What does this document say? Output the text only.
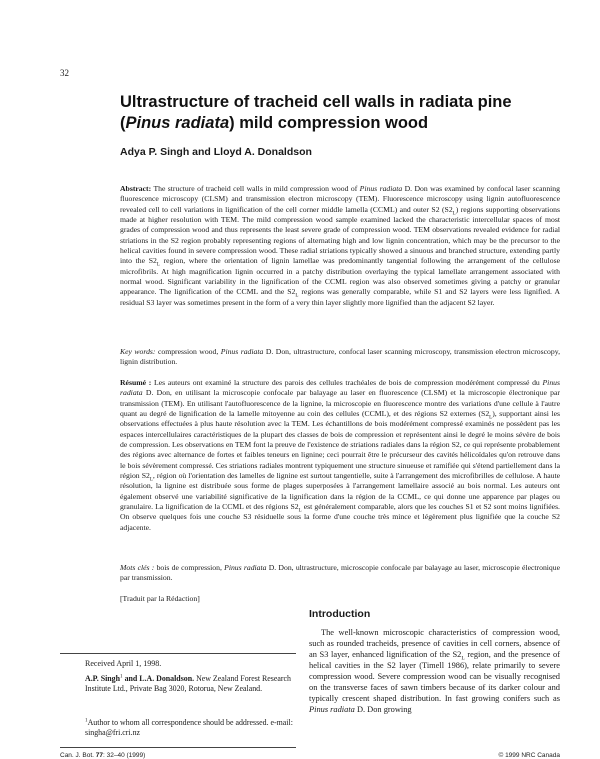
32
Ultrastructure of tracheid cell walls in radiata pine (Pinus radiata) mild compression wood
Adya P. Singh and Lloyd A. Donaldson
Abstract: The structure of tracheid cell walls in mild compression wood of Pinus radiata D. Don was examined by confocal laser scanning fluorescence microscopy (CLSM) and transmission electron microscopy (TEM). Fluorescence microscopy using lignin autofluorescence revealed cell to cell variations in lignification of the cell corner middle lamella (CCML) and outer S2 $(S2_L)$ regions supporting observations made at higher resolution with TEM. The mild compression wood sample examined lacked the characteristic intercellular spaces of most grades of compression wood and thus represents the least severe grade of compression wood. TEM observations revealed evidence for radial striations in the S2 region probably representing regions of alternating high and low lignin concentration, which may be the precursor to the helical cavities found in severe compression wood. These radial striations typically showed a sinuous and branched structure, extending partly into the $S2_L$ region, where the orientation of lignin lamellae was predominantly tangential following the arrangement of the cellulose microfibrils. At high magnification lignin occurred in a patchy distribution overlaying the typical lamellate arrangement associated with normal wood. Significant variability in the lignification of the CCML region was also observed sometimes giving a patchy or granular appearance. The lignification of the CCML and the $S2_L$ regions was generally comparable, while S1 and S2 layers were less lignified. A residual S3 layer was sometimes present in the form of a very thin layer slightly more lignified than the adjacent S2 layer.
Key words: compression wood, Pinus radiata D. Don, ultrastructure, confocal laser scanning microscopy, transmission electron microscopy, lignin distribution.
Résumé : Les auteurs ont examiné la structure des parois des cellules trachéales de bois de compression modérément compressé du Pinus radiata D. Don, en utilisant la microscopie confocale par balayage au laser en fluorescence (CLSM) et la microscopie électronique par transmission (TEM). En utilisant l'autofluorescence de la lignine, la microscopie en fluorescence montre des variations d'une cellule à l'autre quant au degré de lignification de la lamelle mitoyenne au coin des cellules (CCML), et des régions S2 externes $(S2_L)$, supportant ainsi les observations effectuées à plus haute résolution avec la TEM. Les échantillons de bois modérément compressé examinés ne possèdent pas les espaces intercellulaires caractéristiques de la plupart des classes de bois de compression et représentent ainsi le degré le moins sévère de bois de compression. Les observations en TEM font la preuve de l'existence de striations radiales dans la région S2, ce qui représente probablement des régions avec alternance de fortes et faibles teneurs en lignine; ceci pourrait être le précurseur des cavités hélicoïdales qu'on retrouve dans le bois sévèrement compressé. Ces striations radiales montrent typiquement une structure sinueuse et ramifiée qui s'étend partiellement dans la région $S2_L$, région où l'orientation des lamelles de lignine est surtout tangentielle, suite à l'arrangement des microfibrilles de cellulose. A haute résolution, la lignine est distribuée sous forme de plages superposées à l'arrangement lamellaire associé au bois normal. Les auteurs ont également observé une variabilité significative de la lignification dans la région de la CCML, ce qui donne une apparence par plages ou granulaire. La lignification de la CCML et des régions $S2_L$ est généralement comparable, alors que les couches S1 et S2 sont moins lignifiées. On observe quelques fois une couche S3 résiduelle sous la forme d'une couche très mince et légèrement plus lignifiée que la couche S2 adjacente.
Mots clés : bois de compression, Pinus radiata D. Don, ultrastructure, microscopie confocale par balayage au laser, microscopie électronique par transmission.
[Traduit par la Rédaction]
Introduction

The well-known microscopic characteristics of compression wood, such as rounded tracheids, presence of cavities in cell corners, absence of an S3 layer, enhanced lignification of the $S2_L$ region, and the presence of helical cavities in the S2 layer (Timell 1986), relate primarily to severe compression wood. Severe compression wood can be visually recognised on the transverse faces of sawn timbers because of its darker colour and typically crescent shaped distribution. In fast growing conifers such as Pinus radiata D. Don growing

Received April 1, 1998.
A.P. Singh$^1$ and L.A. Donaldson. New Zealand Forest Research Institute Ltd., Private Bag 3020, Rotorua, New Zealand.
$^1$Author to whom all correspondence should be addressed. e-mail: singha@fri.cri.nz
Can. J. Bot. 77: 32–40 (1999)	© 1999 NRC Canada
